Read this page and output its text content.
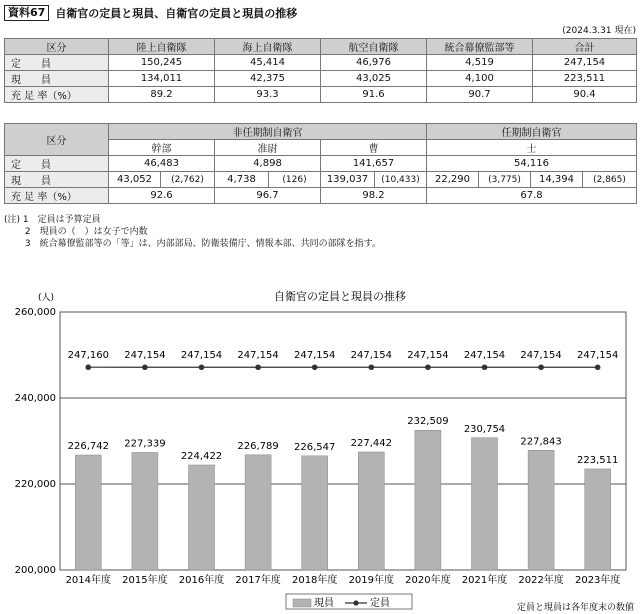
資料67 自衛官の定員と現員、自衛官の定員と現員の推移
(2024.3.31 現在)
区分	陸上自衛隊	海上自衛隊	航空自衛隊	統合幕僚監部等	合計
定　　員	150,245	45,414	46,976	4,519	247,154
現　　員	134,011	42,375	43,025	4,100	223,511
充 足 率（%）	89.2	93.3	91.6	90.7	90.4
区分	非任期制自衛官						任期制自衛官			
	幹部		准尉		曹		士			
定　　員	46,483		4,898		141,657		54,116			
現　　員	43,052	(2,762)	4,738	(126)	139,037	(10,433)	22,290	(3,775)	14,394	(2,865)
充 足 率（%）	92.6		96.7		98.2		67.8			
(注) 1　定員は予算定員
　　 2　現員の（　）は女子で内数
　　 3　統合幕僚監部等の「等」は、内部部局、防衛装備庁、情報本部、共同の部隊を指す。
自衛官の定員と現員の推移
(人)
200,000
220,000
240,000
260,000
226,742 227,339
224,422
226,789 226,547 227,442
232,509
230,754
227,843
223,511
247,160 247,154 247,154 247,154 247,154 247,154 247,154 247,154 247,154 247,154
2014年度 2015年度 2016年度 2017年度 2018年度 2019年度 2020年度 2021年度 2022年度 2023年度
現員	定員	定員と現員は各年度末の数値
